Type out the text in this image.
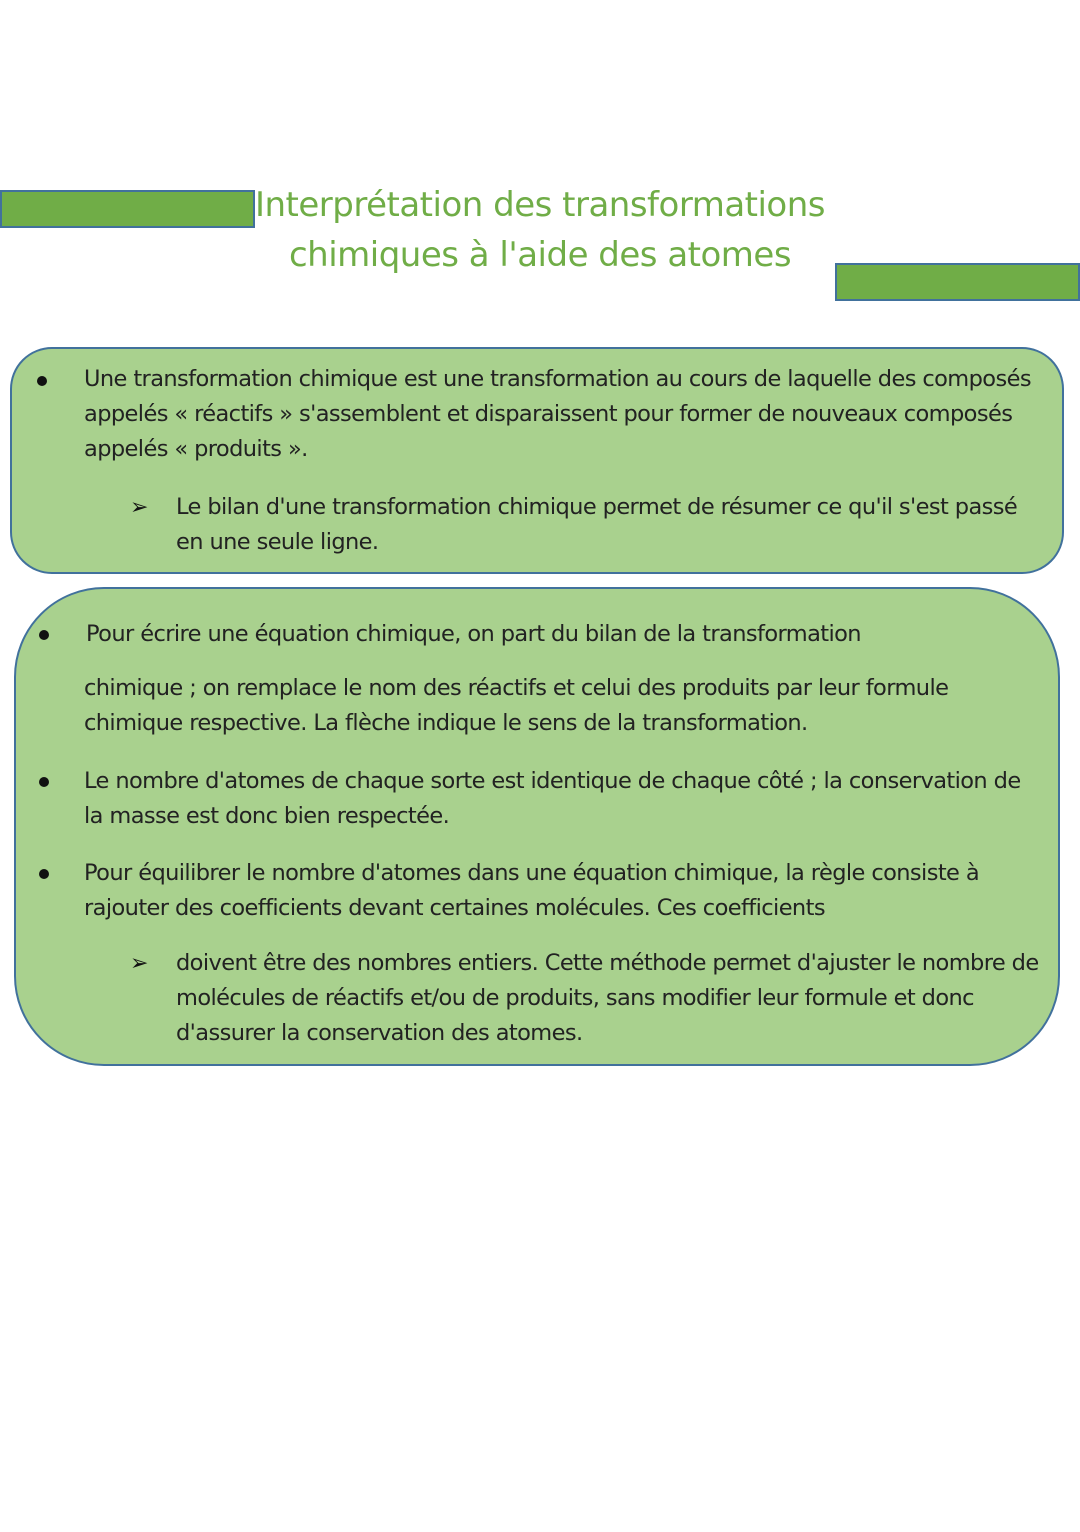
Interprétation des transformations
chimiques à l'aide des atomes
Une transformation chimique est une transformation au cours de laquelle des composés appelés « réactifs » s'assemblent et disparaissent pour former de nouveaux composés appelés « produits ».
➢ Le bilan d'une transformation chimique permet de résumer ce qu'il s'est passé en une seule ligne.
Pour écrire une équation chimique, on part du bilan de la transformation
chimique ; on remplace le nom des réactifs et celui des produits par leur formule chimique respective. La flèche indique le sens de la transformation.
Le nombre d'atomes de chaque sorte est identique de chaque côté ; la conservation de la masse est donc bien respectée.
Pour équilibrer le nombre d'atomes dans une équation chimique, la règle consiste à rajouter des coefficients devant certaines molécules. Ces coefficients
➢ doivent être des nombres entiers. Cette méthode permet d'ajuster le nombre de molécules de réactifs et/ou de produits, sans modifier leur formule et donc d'assurer la conservation des atomes.
